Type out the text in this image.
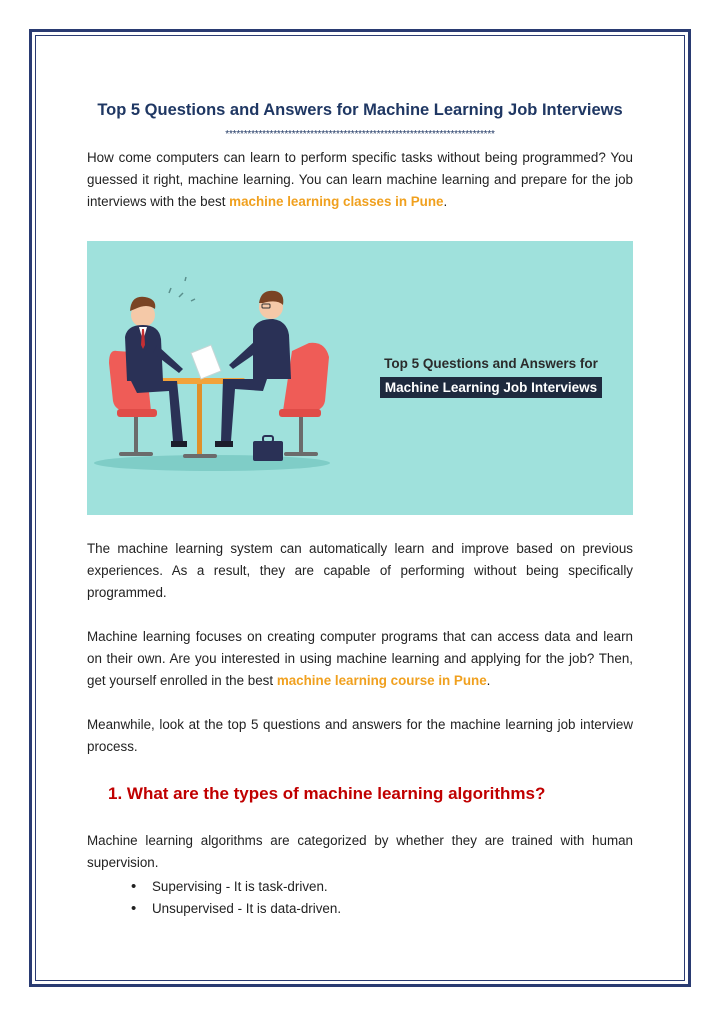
Top 5 Questions and Answers for Machine Learning Job Interviews
*************************************************************************

How come computers can learn to perform specific tasks without being programmed? You guessed it right, machine learning. You can learn machine learning and prepare for the job interviews with the best machine learning classes in Pune.

Top 5 Questions and Answers for
Machine Learning Job Interviews

The machine learning system can automatically learn and improve based on previous experiences. As a result, they are capable of performing without being specifically programmed.

Machine learning focuses on creating computer programs that can access data and learn on their own. Are you interested in using machine learning and applying for the job? Then, get yourself enrolled in the best machine learning course in Pune.

Meanwhile, look at the top 5 questions and answers for the machine learning job interview process.

1. What are the types of machine learning algorithms?

Machine learning algorithms are categorized by whether they are trained with human supervision.

• Supervising - It is task-driven.
• Unsupervised - It is data-driven.
